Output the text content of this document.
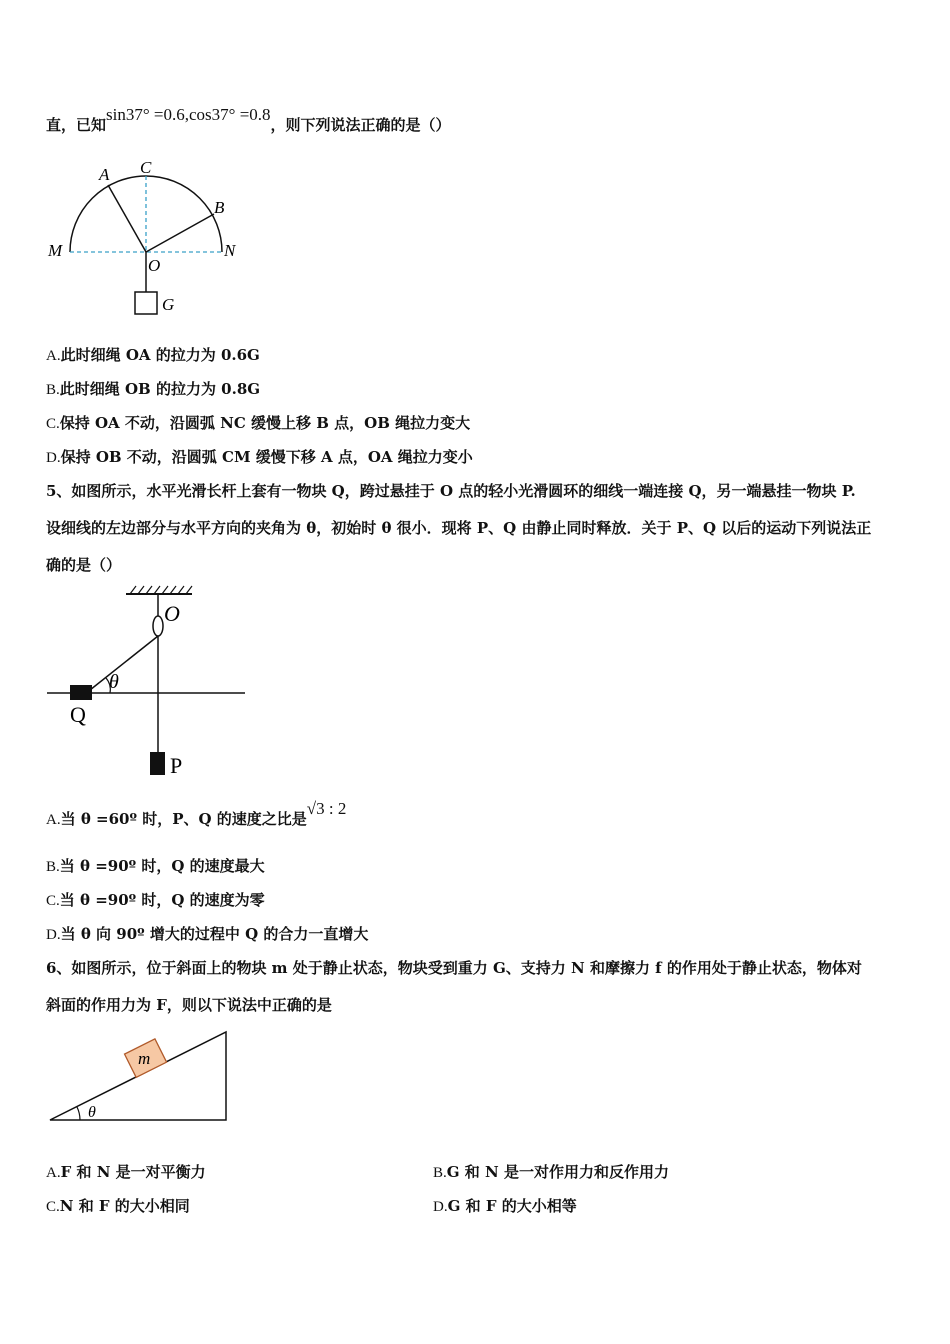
直，已知sin37° =0.6,cos37° =0.8，则下列说法正确的是（）
A C
B
M	N
O
G
A.此时细绳 OA 的拉力为 0.6G
B.此时细绳 OB 的拉力为 0.8G
C.保持 OA 不动，沿圆弧 NC 缓慢上移 B 点，OB 绳拉力变大
D.保持 OB 不动，沿圆弧 CM 缓慢下移 A 点，OA 绳拉力变小
5、如图所示，水平光滑长杆上套有一物块 Q，跨过悬挂于 O 点的轻小光滑圆环的细线一端连接 Q，另一端悬挂一物块 P.
设细线的左边部分与水平方向的夹角为 θ，初始时 θ 很小．现将 P、Q 由静止同时释放．关于 P、Q 以后的运动下列说法正
确的是（）
O
θ
Q
P
A.当 θ =60º 时，P、Q 的速度之比是√3 : 2
B.当 θ =90º 时，Q 的速度最大
C.当 θ =90º 时，Q 的速度为零
D.当 θ 向 90º 增大的过程中 Q 的合力一直增大
6、如图所示，位于斜面上的物块 m 处于静止状态，物块受到重力 G、支持力 N 和摩擦力 f 的作用处于静止状态，物体对
斜面的作用力为 F，则以下说法中正确的是
m
θ
A.F 和 N 是一对平衡力	B.G 和 N 是一对作用力和反作用力
C.N 和 F 的大小相同	D.G 和 F 的大小相等
